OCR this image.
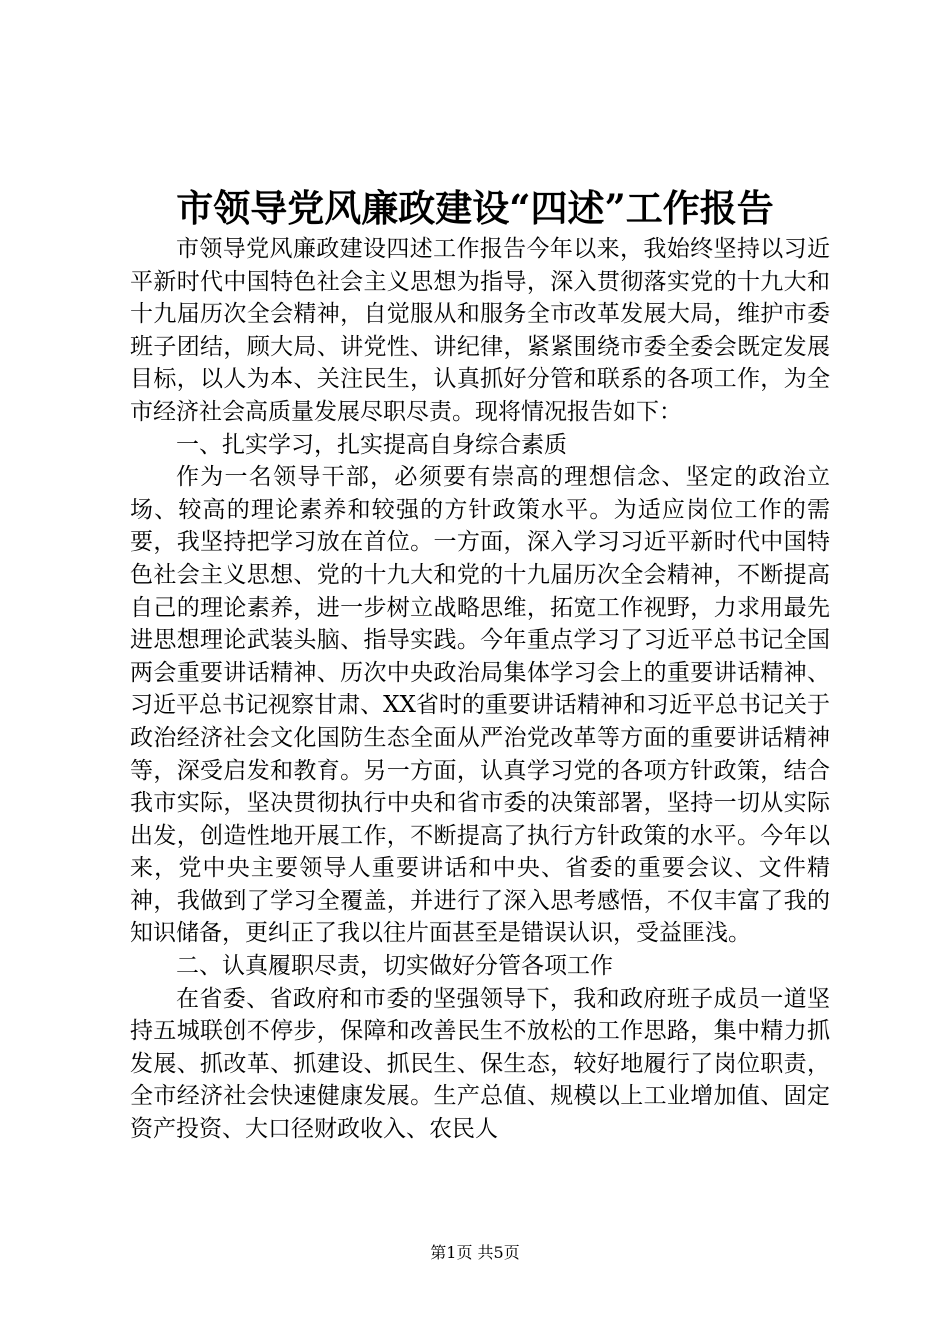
市领导党风廉政建设“四述”工作报告

市领导党风廉政建设四述工作报告今年以来，我始终坚持以习近平新时代中国特色社会主义思想为指导，深入贯彻落实党的十九大和十九届历次全会精神，自觉服从和服务全市改革发展大局，维护市委班子团结，顾大局、讲党性、讲纪律，紧紧围绕市委全委会既定发展目标，以人为本、关注民生，认真抓好分管和联系的各项工作，为全市经济社会高质量发展尽职尽责。现将情况报告如下：

一、扎实学习，扎实提高自身综合素质

作为一名领导干部，必须要有崇高的理想信念、坚定的政治立场、较高的理论素养和较强的方针政策水平。为适应岗位工作的需要，我坚持把学习放在首位。一方面，深入学习习近平新时代中国特色社会主义思想、党的十九大和党的十九届历次全会精神，不断提高自己的理论素养，进一步树立战略思维，拓宽工作视野，力求用最先进思想理论武装头脑、指导实践。今年重点学习了习近平总书记全国两会重要讲话精神、历次中央政治局集体学习会上的重要讲话精神、习近平总书记视察甘肃、XX省时的重要讲话精神和习近平总书记关于政治经济社会文化国防生态全面从严治党改革等方面的重要讲话精神等，深受启发和教育。另一方面，认真学习党的各项方针政策，结合我市实际，坚决贯彻执行中央和省市委的决策部署，坚持一切从实际出发，创造性地开展工作，不断提高了执行方针政策的水平。今年以来，党中央主要领导人重要讲话和中央、省委的重要会议、文件精神，我做到了学习全覆盖，并进行了深入思考感悟，不仅丰富了我的知识储备，更纠正了我以往片面甚至是错误认识，受益匪浅。

二、认真履职尽责，切实做好分管各项工作

在省委、省政府和市委的坚强领导下，我和政府班子成员一道坚持五城联创不停步，保障和改善民生不放松的工作思路，集中精力抓发展、抓改革、抓建设、抓民生、保生态，较好地履行了岗位职责，全市经济社会快速健康发展。生产总值、规模以上工业增加值、固定资产投资、大口径财政收入、农民人

第1页 共5页
